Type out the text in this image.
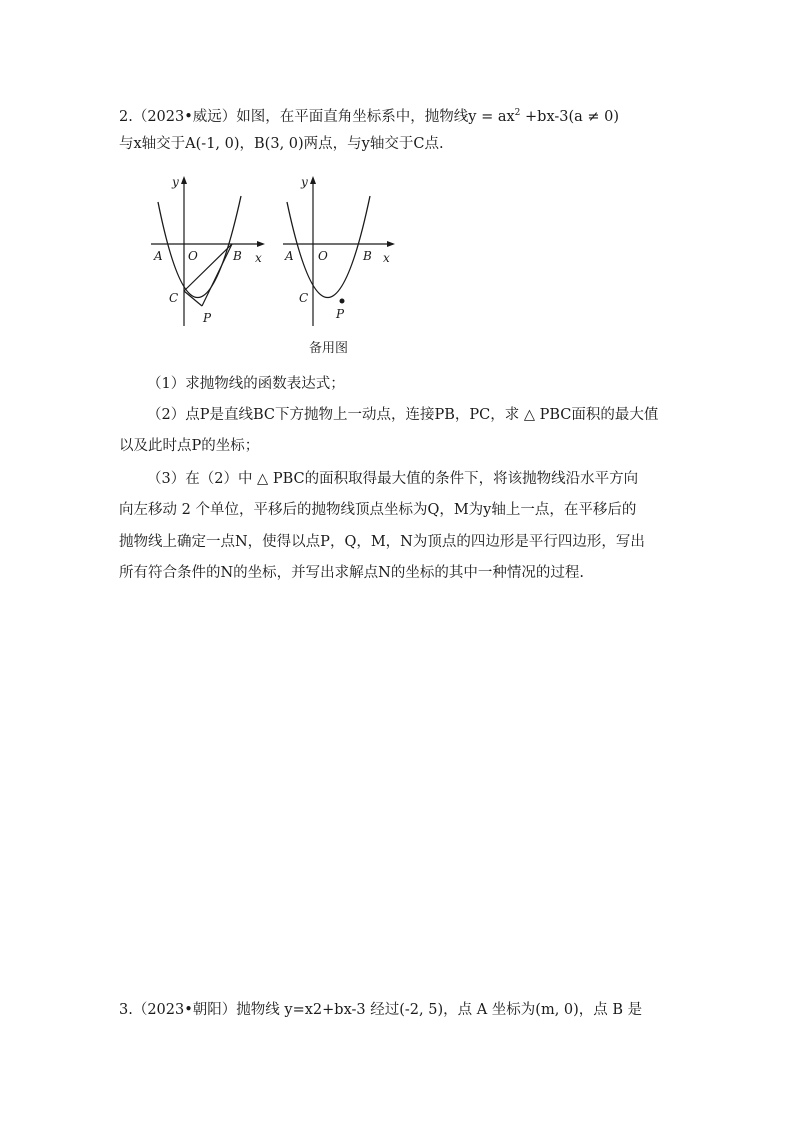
2.（2023•威远）如图，在平面直角坐标系中，抛物线$y = ax^2 +bx-3(a \ne 0)$
与x轴交于A(-1, 0)，B(3, 0)两点，与y轴交于C点.
y
x
A O	B
C
P
y
x
A O	B
C
P
备用图
（1）求抛物线的函数表达式；
（2）点P是直线BC下方抛物上一动点，连接PB，PC，求 △ PBC面积的最大值
以及此时点P的坐标；
（3）在（2）中 △ PBC的面积取得最大值的条件下，将该抛物线沿水平方向
向左移动 2 个单位，平移后的抛物线顶点坐标为Q，M为y轴上一点，在平移后的
抛物线上确定一点N，使得以点P，Q，M，N为顶点的四边形是平行四边形，写出
所有符合条件的N的坐标，并写出求解点N的坐标的其中一种情况的过程.
3.（2023•朝阳）抛物线 y=x2+bx-3 经过(-2, 5)，点 A 坐标为(m, 0)，点 B 是
